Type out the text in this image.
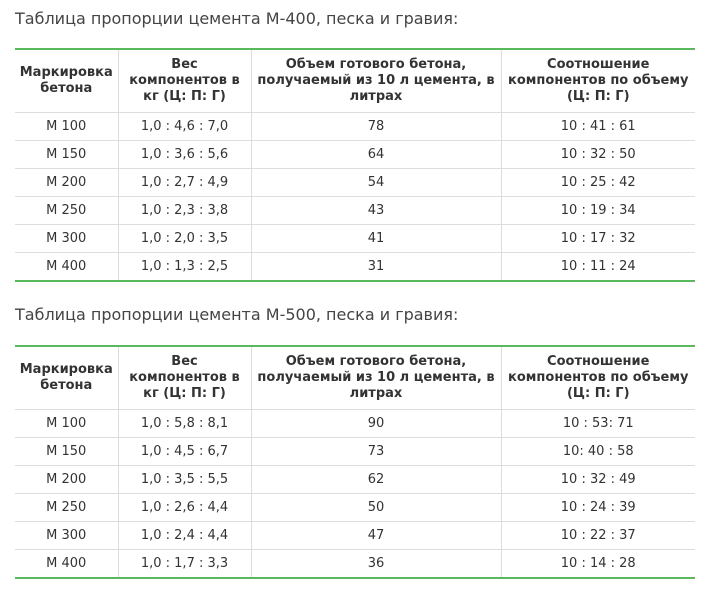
Таблица пропорции цемента М-400, песка и гравия:
Маркировка бетона	Вес компонентов в кг (Ц: П: Г)	Объем готового бетона, получаемый из 10 л цемента, в литрах	Соотношение компонентов по объему (Ц: П: Г)
М 100	1,0 : 4,6 : 7,0	78	10 : 41 : 61
М 150	1,0 : 3,6 : 5,6	64	10 : 32 : 50
М 200	1,0 : 2,7 : 4,9	54	10 : 25 : 42
М 250	1,0 : 2,3 : 3,8	43	10 : 19 : 34
М 300	1,0 : 2,0 : 3,5	41	10 : 17 : 32
М 400	1,0 : 1,3 : 2,5	31	10 : 11 : 24
Таблица пропорции цемента М-500, песка и гравия:
Маркировка бетона	Вес компонентов в кг (Ц: П: Г)	Объем готового бетона, получаемый из 10 л цемента, в литрах	Соотношение компонентов по объему (Ц: П: Г)
М 100	1,0 : 5,8 : 8,1	90	10 : 53: 71
М 150	1,0 : 4,5 : 6,7	73	10: 40 : 58
М 200	1,0 : 3,5 : 5,5	62	10 : 32 : 49
М 250	1,0 : 2,6 : 4,4	50	10 : 24 : 39
М 300	1,0 : 2,4 : 4,4	47	10 : 22 : 37
М 400	1,0 : 1,7 : 3,3	36	10 : 14 : 28
